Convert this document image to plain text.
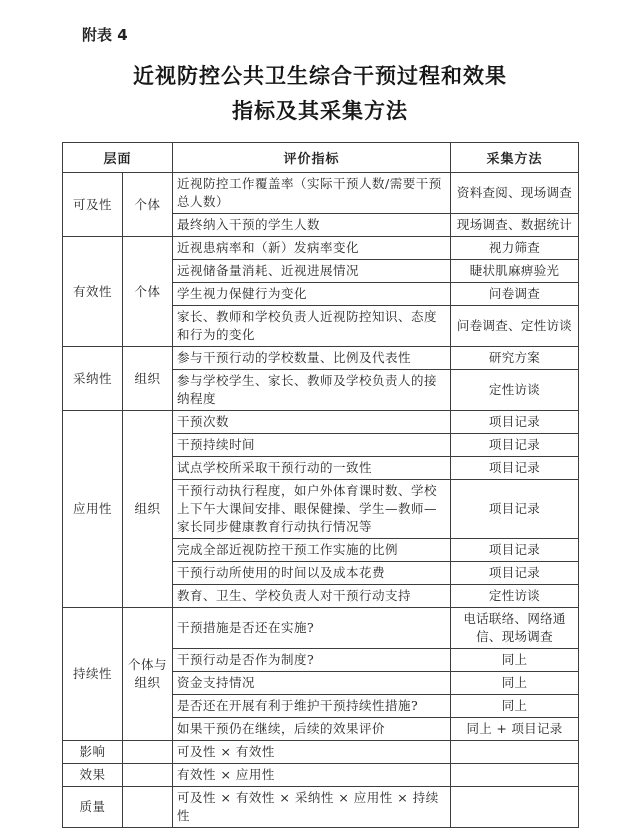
附表 4
近视防控公共卫生综合干预过程和效果
指标及其采集方法
层面		评价指标	采集方法
可及性	个体	近视防控工作覆盖率（实际干预人数/需要干预总人数）	资料查阅、现场调查
		最终纳入干预的学生人数	现场调查、数据统计
有效性	个体	近视患病率和（新）发病率变化	视力筛查
		远视储备量消耗、近视进展情况	睫状肌麻痹验光
		学生视力保健行为变化	问卷调查
		家长、教师和学校负责人近视防控知识、态度和行为的变化	问卷调查、定性访谈
采纳性	组织	参与干预行动的学校数量、比例及代表性	研究方案
		参与学校学生、家长、教师及学校负责人的接纳程度	定性访谈
应用性	组织	干预次数	项目记录
		干预持续时间	项目记录
		试点学校所采取干预行动的一致性	项目记录
		干预行动执行程度，如户外体育课时数、学校上下午大课间安排、眼保健操、学生—教师—家长同步健康教育行动执行情况等	项目记录
		完成全部近视防控干预工作实施的比例	项目记录
		干预行动所使用的时间以及成本花费	项目记录
		教育、卫生、学校负责人对干预行动支持	定性访谈
持续性	个体与组织	干预措施是否还在实施?	电话联络、网络通信、现场调查
		干预行动是否作为制度?	同上
		资金支持情况	同上
		是否还在开展有利于维护干预持续性措施?	同上
		如果干预仍在继续，后续的效果评价	同上 + 项目记录
影响		可及性 × 有效性	
效果		有效性 × 应用性	
质量		可及性 × 有效性 × 采纳性 × 应用性 × 持续性	
